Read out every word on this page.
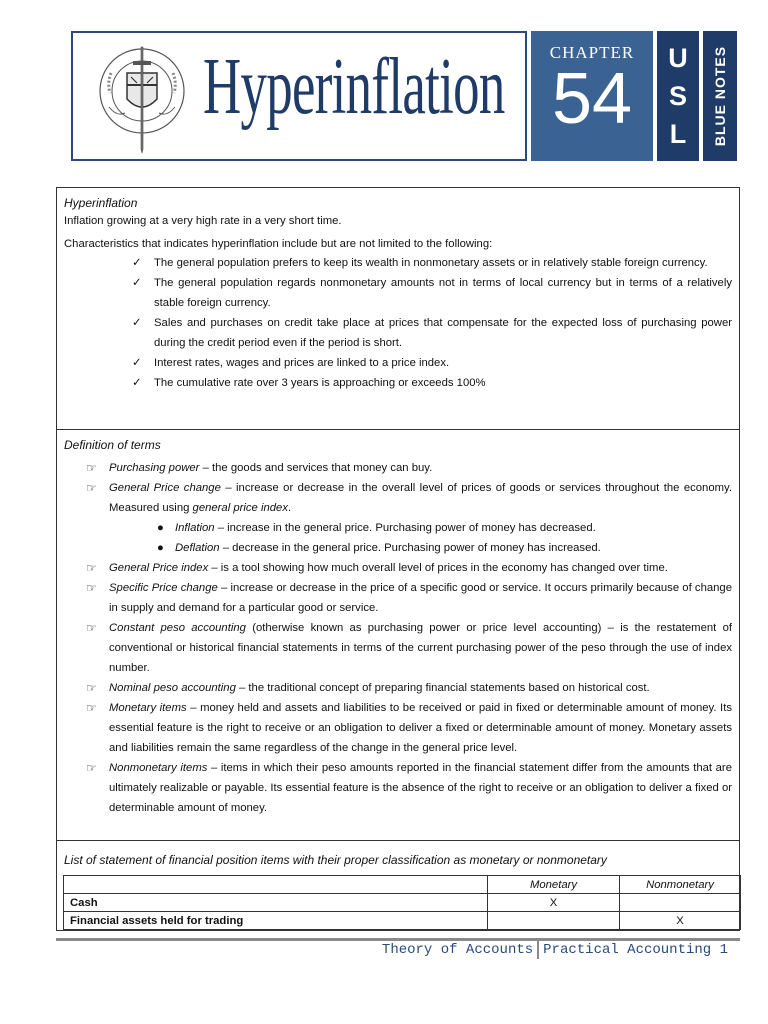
Hyperinflation	CHAPTER
54
U
S
L	BLUE NOTES
Hyperinflation
Inflation growing at a very high rate in a very short time.
Characteristics that indicates hyperinflation include but are not limited to the following:
✓ The general population prefers to keep its wealth in nonmonetary assets or in relatively stable foreign currency.
✓ The general population regards nonmonetary amounts not in terms of local currency but in terms of a relatively stable foreign currency.
✓ Sales and purchases on credit take place at prices that compensate for the expected loss of purchasing power during the credit period even if the period is short.
✓ Interest rates, wages and prices are linked to a price index.
✓ The cumulative rate over 3 years is approaching or exceeds 100%
Definition of terms
☞ Purchasing power – the goods and services that money can buy.
☞ General Price change – increase or decrease in the overall level of prices of goods or services throughout the economy. Measured using general price index.
● Inflation – increase in the general price. Purchasing power of money has decreased.
● Deflation – decrease in the general price. Purchasing power of money has increased.
☞ General Price index – is a tool showing how much overall level of prices in the economy has changed over time.
☞ Specific Price change – increase or decrease in the price of a specific good or service. It occurs primarily because of change in supply and demand for a particular good or service.
☞ Constant peso accounting (otherwise known as purchasing power or price level accounting) – is the restatement of conventional or historical financial statements in terms of the current purchasing power of the peso through the use of index number.
☞ Nominal peso accounting – the traditional concept of preparing financial statements based on historical cost.
☞ Monetary items – money held and assets and liabilities to be received or paid in fixed or determinable amount of money. Its essential feature is the right to receive or an obligation to deliver a fixed or determinable amount of money. Monetary assets and liabilities remain the same regardless of the change in the general price level.
☞ Nonmonetary items – items in which their peso amounts reported in the financial statement differ from the amounts that are ultimately realizable or payable. Its essential feature is the absence of the right to receive or an obligation to deliver a fixed or determinable amount of money.
List of statement of financial position items with their proper classification as monetary or nonmonetary
	Monetary	Nonmonetary
Cash	X	
Financial assets held for trading		X
Theory of Accounts Practical Accounting 1
